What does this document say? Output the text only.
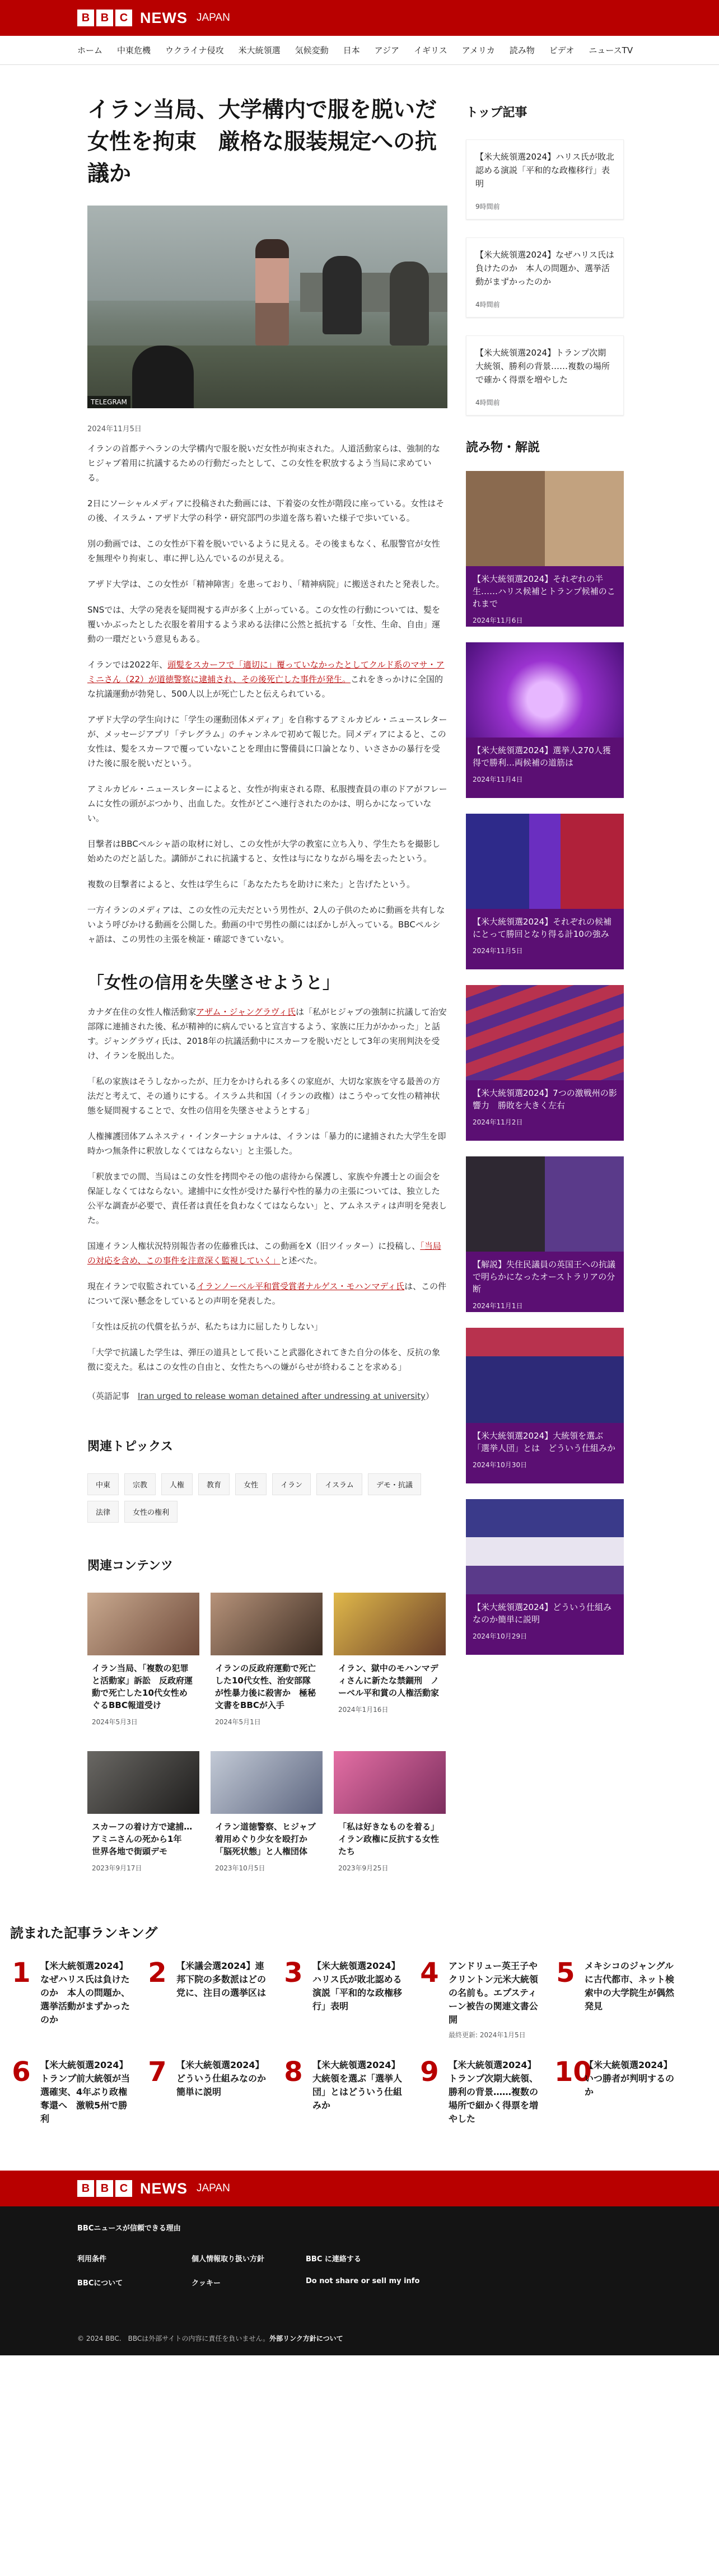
B B C NEWS JAPAN
ホーム 中東危機 ウクライナ侵攻 米大統領選 気候変動 日本 アジア イギリス アメリカ 読み物 ビデオ ニュースTV
イラン当局、大学構内で服を脱いだ女性を拘束　厳格な服装規定への抗議か
TELEGRAM
2024年11月5日

イランの首都テヘランの大学構内で服を脱いだ女性が拘束された。人道活動家らは、強制的なヒジャブ着用に抗議するための行動だったとして、この女性を釈放するよう当局に求めている。

2日にソーシャルメディアに投稿された動画には、下着姿の女性が階段に座っている。女性はその後、イスラム・アザド大学の科学・研究部門の歩道を落ち着いた様子で歩いている。

別の動画では、この女性が下着を脱いでいるように見える。その後まもなく、私服警官が女性を無理やり拘束し、車に押し込んでいるのが見える。

アザド大学は、この女性が「精神障害」を患っており、「精神病院」に搬送されたと発表した。

SNSでは、大学の発表を疑問視する声が多く上がっている。この女性の行動については、髪を覆いかぶったとした衣服を着用するよう求める法律に公然と抵抗する「女性、生命、自由」運動の一環だという意見もある。

イランでは2022年、頭髪をスカーフで「適切に」覆っていなかったとしてクルド系のマサ・アミニさん（22）が道徳警察に逮捕され、その後死亡した事件が発生。これをきっかけに全国的な抗議運動が勃発し、500人以上が死亡したと伝えられている。

アザド大学の学生向けに「学生の運動団体メディア」を自称するアミルカビル・ニュースレターが、メッセージアプリ「テレグラム」のチャンネルで初めて報じた。同メディアによると、この女性は、髪をスカーフで覆っていないことを理由に警備員に口論となり、いささかの暴行を受けた後に服を脱いだという。

アミルカビル・ニュースレターによると、女性が拘束される際、私服捜査員の車のドアがフレームに女性の頭がぶつかり、出血した。女性がどこへ連行されたのかは、明らかになっていない。

目撃者はBBCペルシャ語の取材に対し、この女性が大学の教室に立ち入り、学生たちを撮影し始めたのだと話した。講師がこれに抗議すると、女性は与になりながら場を去ったという。

複数の目撃者によると、女性は学生らに「あなたたちを助けに来た」と告げたという。

一方イランのメディアは、この女性の元夫だという男性が、2人の子供のために動画を共有しないよう呼びかける動画を公開した。動画の中で男性の顔にはぼかしが入っている。BBCペルシャ語は、この男性の主張を検証・確認できていない。

「女性の信用を失墜させようと」

カナダ在住の女性人権活動家アザム・ジャングラヴィ氏は「私がヒジャブの強制に抗議して治安部隊に連捕された後、私が精神的に病んでいると宣言するよう、家族に圧力がかかった」と話す。ジャングラヴィ氏は、2018年の抗議活動中にスカーフを脱いだとして3年の実刑判決を受け、イランを脱出した。

「私の家族はそうしなかったが、圧力をかけられる多くの家庭が、大切な家族を守る最善の方法だと考えて、その通りにする。イスラム共和国（イランの政権）はこうやって女性の精神状態を疑問視することで、女性の信用を失墜させようとする」

人権擁護団体アムネスティ・インターナショナルは、イランは「暴力的に逮捕された大学生を即時かつ無条件に釈放しなくてはならない」と主張した。

「釈放までの間、当局はこの女性を拷問やその他の虐待から保護し、家族や弁護士との面会を保証しなくてはならない。逮捕中に女性が受けた暴行や性的暴力の主張については、独立した公平な調査が必要で、責任者は責任を負わなくてはならない」と、アムネスティは声明を発表した。

国連イラン人権状況特別報告者の佐藤雅氏は、この動画をX（旧ツイッター）に投稿し、「当局の対応を含め、この事件を注意深く監視していく」と述べた。

現在イランで収監されているイランノーベル平和賞受賞者ナルゲス・モハンマディ氏は、この件について深い懸念をしているとの声明を発表した。

「女性は反抗の代償を払うが、私たちは力に屈したりしない」

「大学で抗議した学生は、弾圧の道具として長いこと武器化されてきた自分の体を、反抗の象徴に変えた。私はこの女性の自由と、女性たちへの嫌がらせが終わることを求める」

（英語記事　Iran urged to release woman detained after undressing at university）
関連トピックス
中東	宗教	人権	教育	女性	イラン	イスラム	デモ・抗議
法律	女性の権利
関連コンテンツ
イラン当局、「複数の犯罪と活動家」訴訟　反政府運動で死亡した10代女性めぐるBBC報道受け
2024年5月3日
イランの反政府運動で死亡した10代女性、治安部隊が性暴力後に殺害か　極秘文書をBBCが入手
2024年5月1日
イラン、獄中のモハンマディさんに新たな禁錮刑　ノーベル平和賞の人権活動家
2024年1月16日
スカーフの着け方で逮捕…アミニさんの死から1年　世界各地で街頭デモ
2023年9月17日
イラン道徳警察、ヒジャブ着用めぐり少女を殴打か　「脳死状態」と人権団体
2023年10月5日
「私は好きなものを着る」 イラン政権に反抗する女性たち
2023年9月25日
トップ記事
【米大統領選2024】ハリス氏が敗北認める演説「平和的な政権移行」表明
9時間前
【米大統領選2024】なぜハリス氏は負けたのか　本人の問題か、選挙活動がまずかったのか
4時間前
【米大統領選2024】トランプ次期大統領、勝利の背景……複数の場所で確かく得票を増やした
4時間前
読み物・解説
【米大統領選2024】それぞれの半生……ハリス候補とトランプ候補のこれまで
2024年11月6日
【米大統領選2024】選挙人270人獲得で勝利…両候補の道筋は
2024年11月4日
【米大統領選2024】それぞれの候補にとって勝回となり得る計10の強み
2024年11月5日
【米大統領選2024】7つの激戦州の影響力　勝敗を大きく左右
2024年11月2日
【解説】失住民議員の英国王への抗議で明らかになったオーストラリアの分断
2024年11月1日
【米大統領選2024】大統領を選ぶ「選挙人団」とは　どういう仕組みか
2024年10月30日
【米大統領選2024】どういう仕組みなのか簡単に説明
2024年10月29日
読まれた記事ランキング
1 【米大統領選2024】なぜハリス氏は負けたのか　本人の問題か、選挙活動がまずかったのか
2 【米議会選2024】連邦下院の多数派はどの党に、注目の選挙区は
3 【米大統領選2024】ハリス氏が敗北認める演説「平和的な政権移行」表明
4 アンドリュー英王子やクリントン元米大統領の名前も。エプスティーン被告の関連文書公開
最終更新: 2024年1月5日
5 メキシコのジャングルに古代都市、ネット検索中の大学院生が偶然発見
6 【米大統領選2024】トランプ前大統領が当選確実、4年ぶり政権奪還へ　激戦5州で勝利
7 【米大統領選2024】どういう仕組みなのか簡単に説明
8 【米大統領選2024】大統領を選ぶ「選挙人団」とはどういう仕組みか
9 【米大統領選2024】トランプ次期大統領、勝利の背景……複数の場所で細かく得票を増やした
10
【米大統領選2024】いつ勝者が判明するのか
B B C NEWS JAPAN
BBCニュースが信頼できる理由
利用条件
BBCについて
個人情報取り扱い方針
クッキー
BBC に連絡する
Do not share or sell my info
© 2024 BBC.　BBCは外部サイトの内容に責任を負いません。外部リンク方針について
